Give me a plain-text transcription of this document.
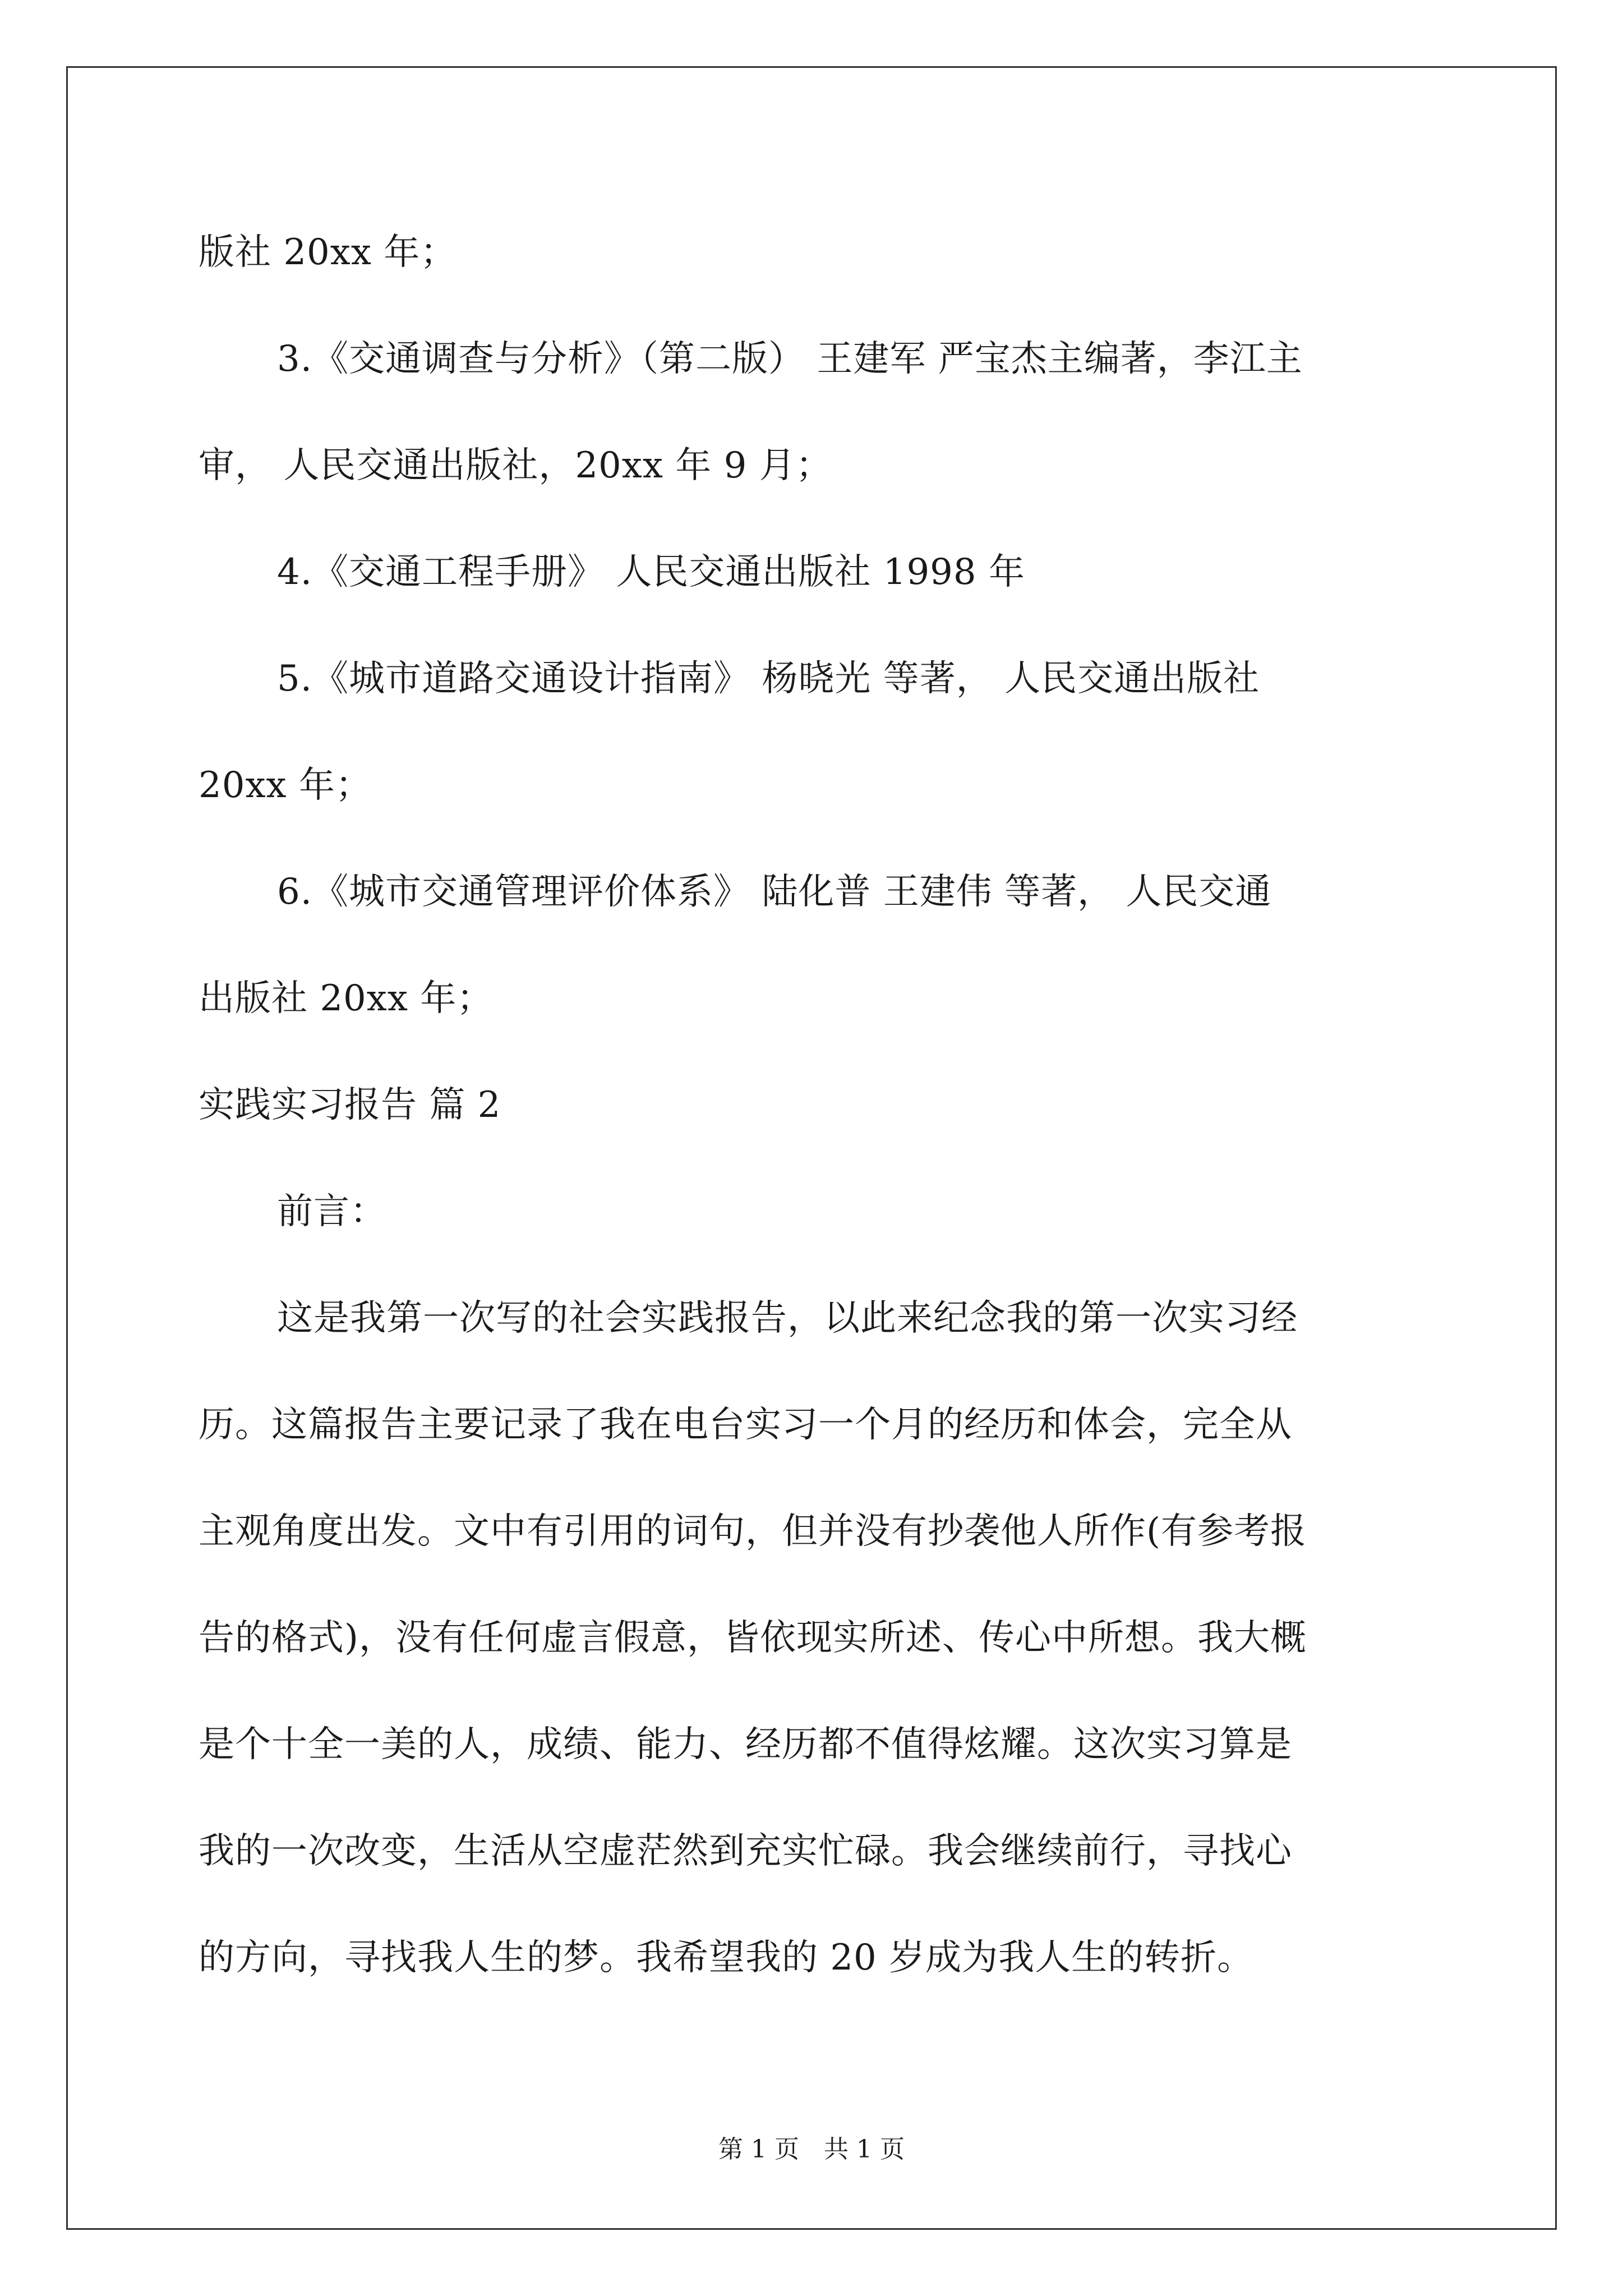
版社 20xx 年；
3.《交通调查与分析》（第二版） 王建军 严宝杰主编著，李江主
审， 人民交通出版社，20xx 年 9 月；
4.《交通工程手册》 人民交通出版社 1998 年
5.《城市道路交通设计指南》 杨晓光 等著， 人民交通出版社
20xx 年；
6.《城市交通管理评价体系》 陆化普 王建伟 等著， 人民交通
出版社 20xx 年；
实践实习报告 篇 2
前言：
这是我第一次写的社会实践报告，以此来纪念我的第一次实习经
历。这篇报告主要记录了我在电台实习一个月的经历和体会，完全从
主观角度出发。文中有引用的词句，但并没有抄袭他人所作(有参考报
告的格式)，没有任何虚言假意，皆依现实所述、传心中所想。我大概
是个十全一美的人，成绩、能力、经历都不值得炫耀。这次实习算是
我的一次改变，生活从空虚茫然到充实忙碌。我会继续前行，寻找心
的方向，寻找我人生的梦。我希望我的 20 岁成为我人生的转折。
第 1 页　共 1 页
